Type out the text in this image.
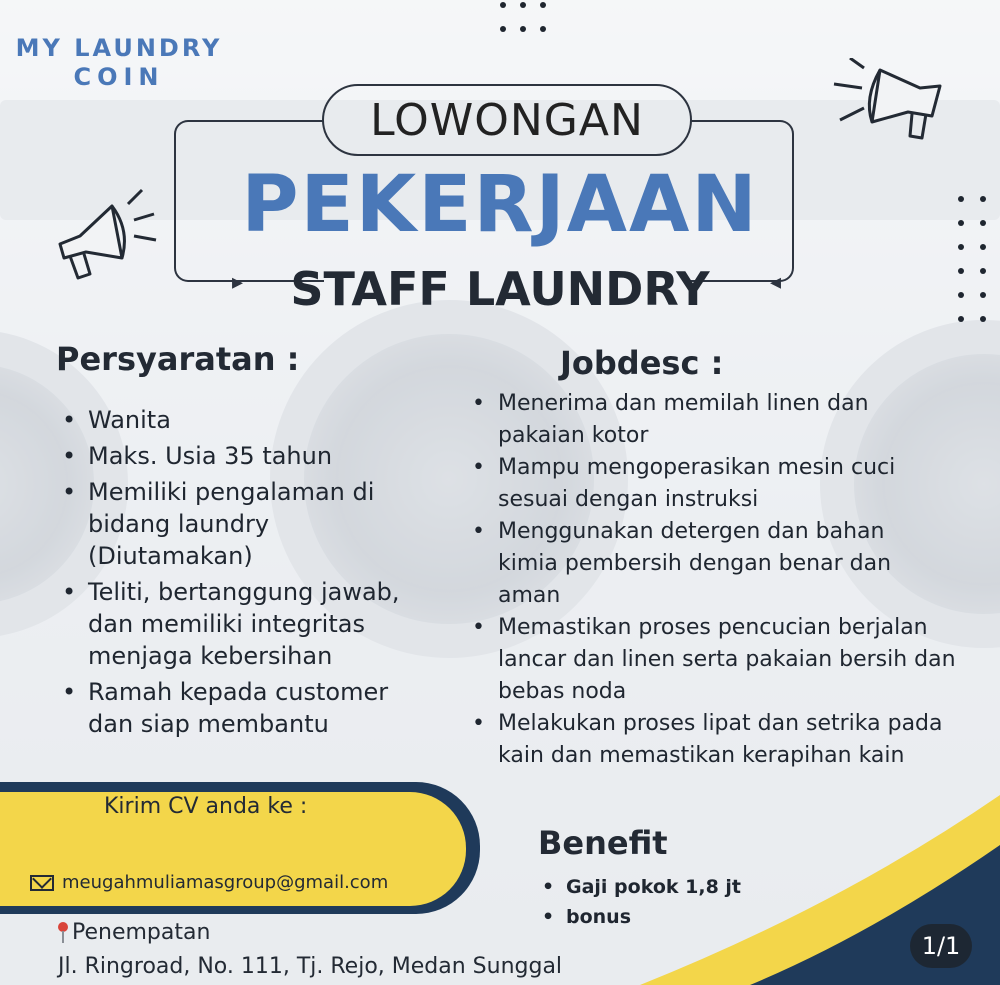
MY LAUNDRY
COIN
▸	◂
LOWONGAN
PEKERJAAN
STAFF LAUNDRY
Persyaratan :
• Wanita
• Maks. Usia 35 tahun
• Memiliki pengalaman di bidang laundry (Diutamakan)
• Teliti, bertanggung jawab, dan memiliki integritas menjaga kebersihan
• Ramah kepada customer dan siap membantu
Jobdesc :
• Menerima dan memilah linen dan pakaian kotor
• Mampu mengoperasikan mesin cuci sesuai dengan instruksi
• Menggunakan detergen dan bahan kimia pembersih dengan benar dan aman
• Memastikan proses pencucian berjalan lancar dan linen serta pakaian bersih dan bebas noda
• Melakukan proses lipat dan setrika pada kain dan memastikan kerapihan kain
Kirim CV anda ke :
meugahmuliamasgroup@gmail.com
Benefit
• Gaji pokok 1,8 jt
• bonus
Penempatan
Jl. Ringroad, No. 111, Tj. Rejo, Medan Sunggal
1/1
